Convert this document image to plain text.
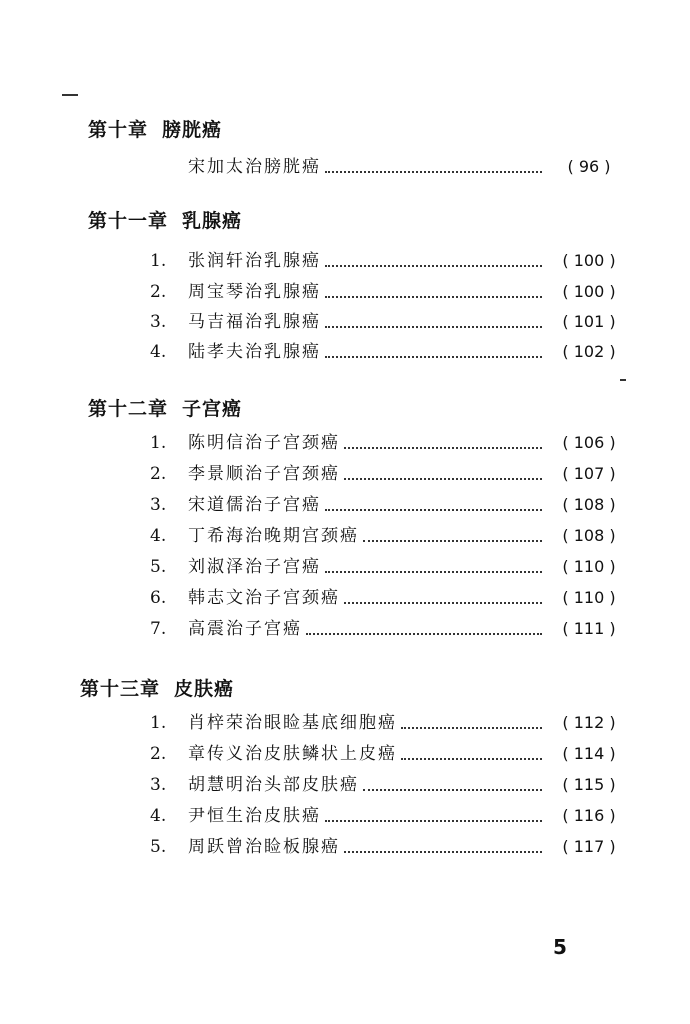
第十章 膀胱癌
宋加太治膀胱癌	( 96 )
第十一章 乳腺癌
1.	张润轩治乳腺癌	( 100 )
2.	周宝琴治乳腺癌	( 100 )
3.	马吉福治乳腺癌	( 101 )
4.	陆孝夫治乳腺癌	( 102 )
第十二章 子宫癌
1.	陈明信治子宫颈癌	( 106 )
2.	李景顺治子宫颈癌	( 107 )
3.	宋道儒治子宫癌	( 108 )
4.	丁希海治晚期宫颈癌	( 108 )
5.	刘淑泽治子宫癌	( 110 )
6.	韩志文治子宫颈癌	( 110 )
7.	高震治子宫癌	( 111 )
第十三章 皮肤癌
1.	肖梓荣治眼睑基底细胞癌	( 112 )
2.	章传义治皮肤鳞状上皮癌	( 114 )
3.	胡慧明治头部皮肤癌	( 115 )
4.	尹恒生治皮肤癌	( 116 )
5.	周跃曾治睑板腺癌	( 117 )
5
